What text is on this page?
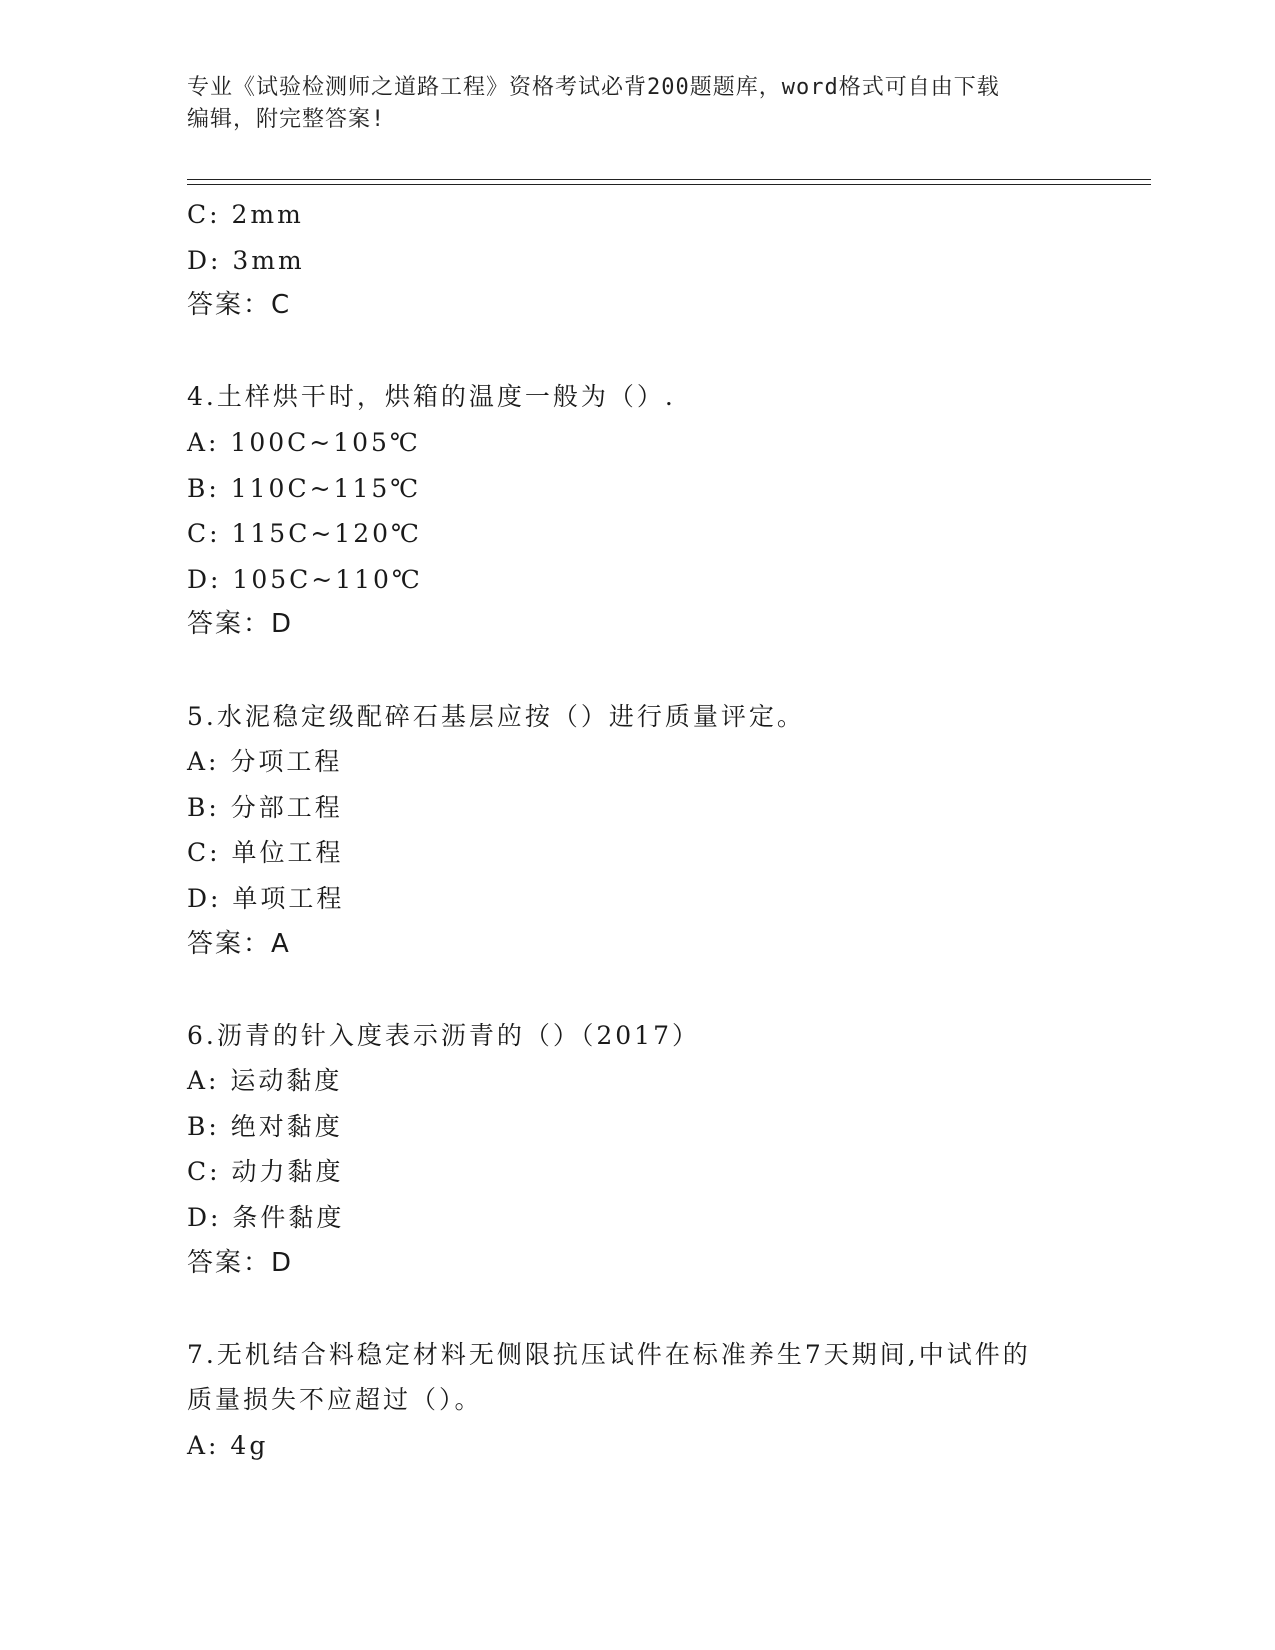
专业《试验检测师之道路工程》资格考试必背200题题库，word格式可自由下载
编辑，附完整答案!
C: 2mm
D: 3mm
答案：C
4.土样烘干时，烘箱的温度一般为（）.
A: 100C~105℃
B: 110C~115℃
C: 115C~120℃
D: 105C~110℃
答案：D
5.水泥稳定级配碎石基层应按（）进行质量评定。
A: 分项工程
B: 分部工程
C: 单位工程
D: 单项工程
答案：A
6.沥青的针入度表示沥青的（）（2017）
A: 运动黏度
B: 绝对黏度
C: 动力黏度
D: 条件黏度
答案：D
7.无机结合料稳定材料无侧限抗压试件在标准养生7天期间,中试件的
质量损失不应超过（）。
A: 4g
